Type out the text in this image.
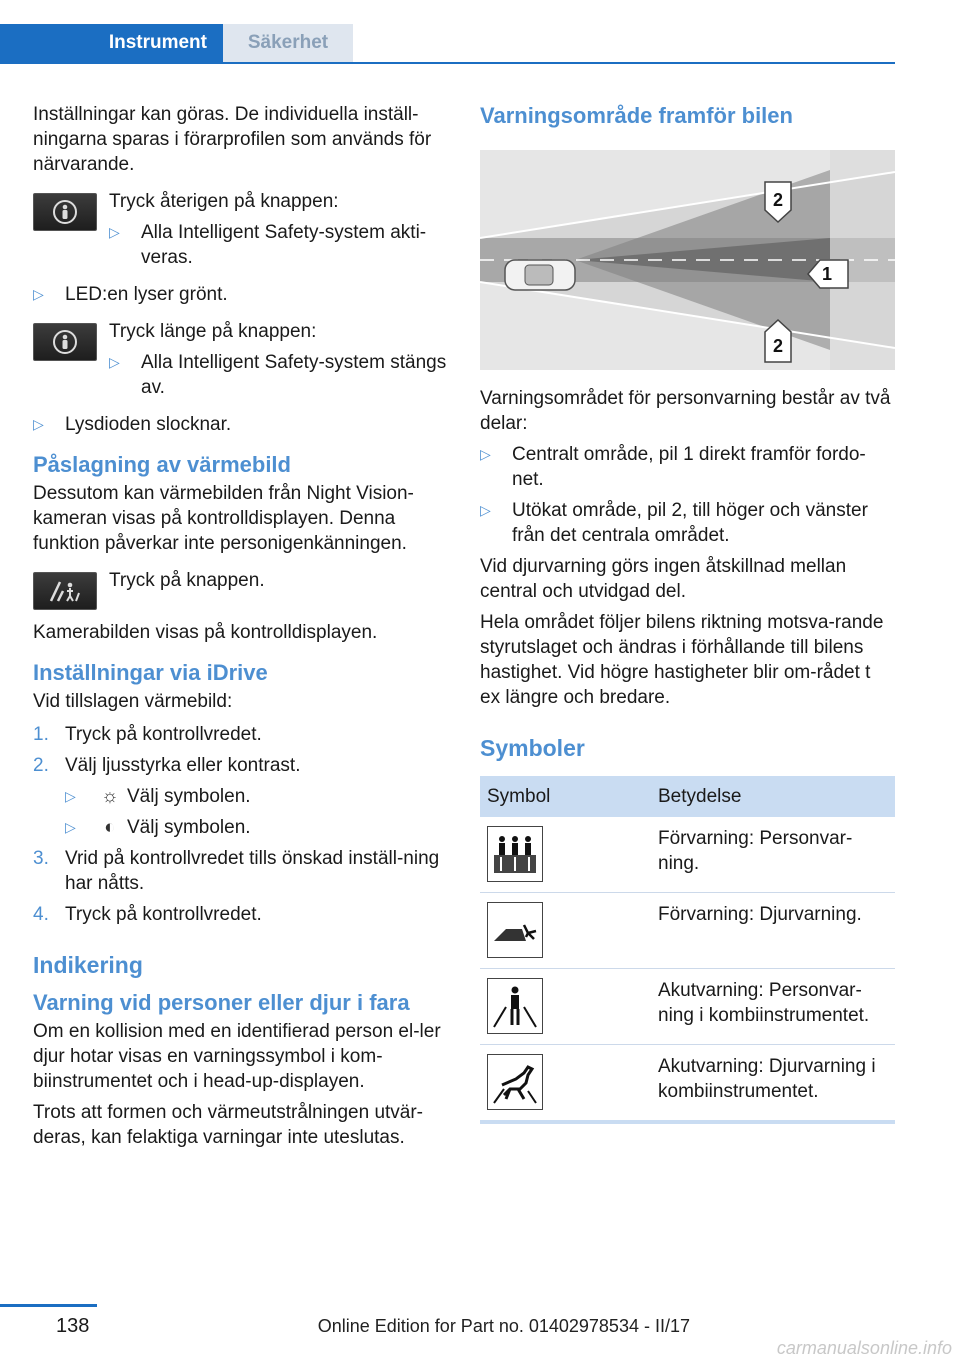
Instrument	Säkerhet

Inställningar kan göras. De individuella inställ-ningarna sparas i förarprofilen som används för närvarande.

Tryck återigen på knappen:

▷	Alla Intelligent Safety-system akti-veras.
▷	LED:en lyser grönt.

Tryck länge på knappen:

▷	Alla Intelligent Safety-system stängs av.
▷	Lysdioden slocknar.
Påslagning av värmebild

Dessutom kan värmebilden från Night Vision-kameran visas på kontrolldisplayen. Denna funktion påverkar inte personigenkänningen.

Tryck på knappen.

Kamerabilden visas på kontrolldisplayen.

Inställningar via iDrive

Vid tillslagen värmebild:

1. Tryck på kontrollvredet.
2. Välj ljusstyrka eller kontrast.
▷	☼ Välj symbolen.
▷	◐ Välj symbolen.
3. Vrid på kontrollvredet tills önskad inställ-ning har nåtts.
4. Tryck på kontrollvredet.
Indikering
Varning vid personer eller djur i fara

Om en kollision med en identifierad person el-ler djur hotar visas en varningssymbol i kom-biinstrumentet och i head-up-displayen.

Trots att formen och värmeutstrålningen utvär-deras, kan felaktiga varningar inte uteslutas.

Varningsområde framför bilen
2
1
2

Varningsområdet för personvarning består av två delar:

▷	Centralt område, pil 1 direkt framför fordo-net.
▷	Utökat område, pil 2, till höger och vänster från det centrala området.

Vid djurvarning görs ingen åtskillnad mellan central och utvidgad del.

Hela området följer bilens riktning motsva-rande styrutslaget och ändras i förhållande till bilens hastighet. Vid högre hastigheter blir om-rådet t ex längre och bredare.

Symboler
Symbol	Betydelse

	Förvarning: Personvar-ning.

	Förvarning: Djurvarning.

	Akutvarning: Personvar-ning i kombiinstrumentet.

	Akutvarning: Djurvarning i kombiinstrumentet.
138	Online Edition for Part no. 01402978534 - II/17
carmanualsonline.info
